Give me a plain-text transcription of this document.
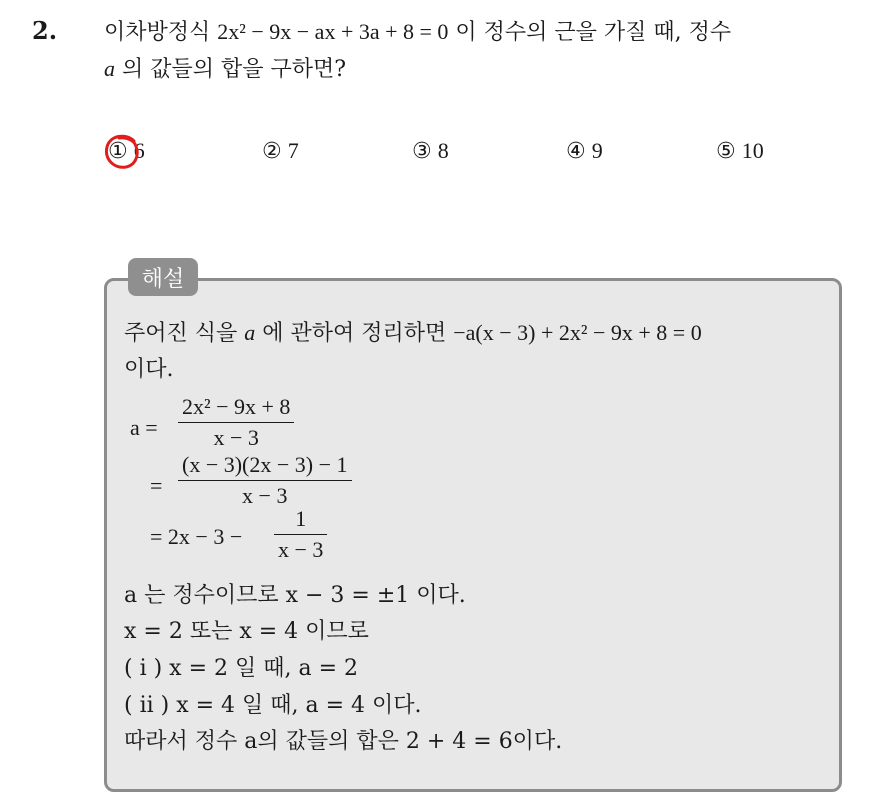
2. 이차방정식 2x² − 9x − ax + 3a + 8 = 0 이 정수의 근을 가질 때, 정수
a 의 값들의 합을 구하면?
① 6	② 7	③ 8	④ 9	⑤ 10
해설
주어진 식을 a 에 관하여 정리하면 −a(x − 3) + 2x² − 9x + 8 = 0
이다.
a =
2x² − 9x + 8
x − 3
=
(x − 3)(2x − 3) − 1
x − 3
= 2x − 3 −
1
x − 3
a 는 정수이므로 x − 3 = ±1 이다.
x = 2 또는 x = 4 이므로
( i ) x = 2 일 때, a = 2
( ii ) x = 4 일 때, a = 4 이다.
따라서 정수 a의 값들의 합은 2 + 4 = 6이다.
